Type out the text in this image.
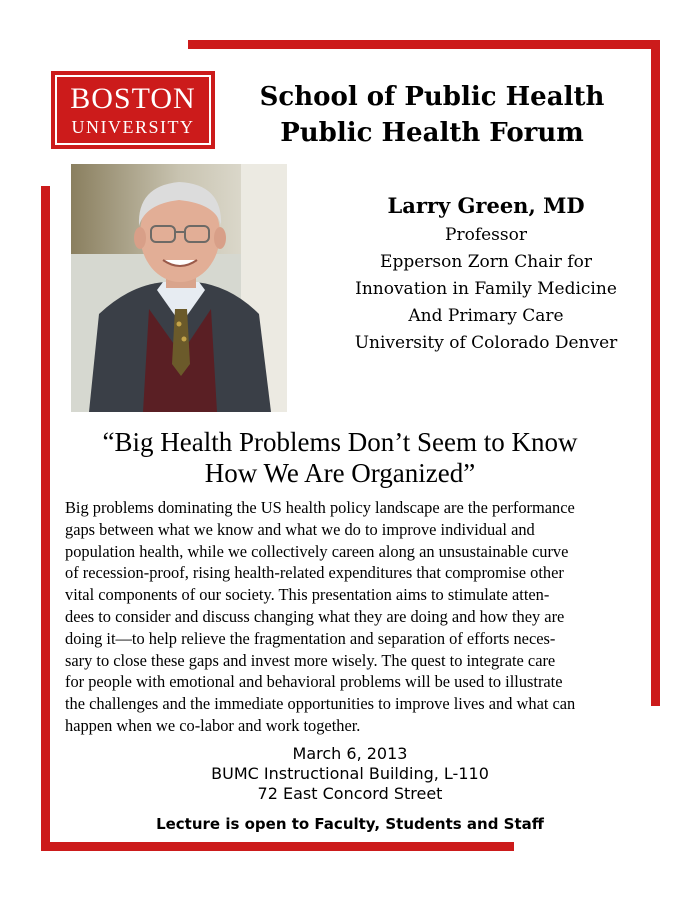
BOSTON
UNIVERSITY
School of Public Health
Public Health Forum
Larry Green, MD
Professor
Epperson Zorn Chair for
Innovation in Family Medicine
And Primary Care
University of Colorado Denver
“Big Health Problems Don’t Seem to Know
How We Are Organized”
Big problems dominating the US health policy landscape are the performance
gaps between what we know and what we do to improve individual and
population health, while we collectively careen along an unsustainable curve
of recession-proof, rising health-related expenditures that compromise other
vital components of our society. This presentation aims to stimulate atten-
dees to consider and discuss changing what they are doing and how they are
doing it—to help relieve the fragmentation and separation of efforts neces-
sary to close these gaps and invest more wisely. The quest to integrate care
for people with emotional and behavioral problems will be used to illustrate
the challenges and the immediate opportunities to improve lives and what can
happen when we co-labor and work together.
March 6, 2013
BUMC Instructional Building, L-110
72 East Concord Street
Lecture is open to Faculty, Students and Staff
